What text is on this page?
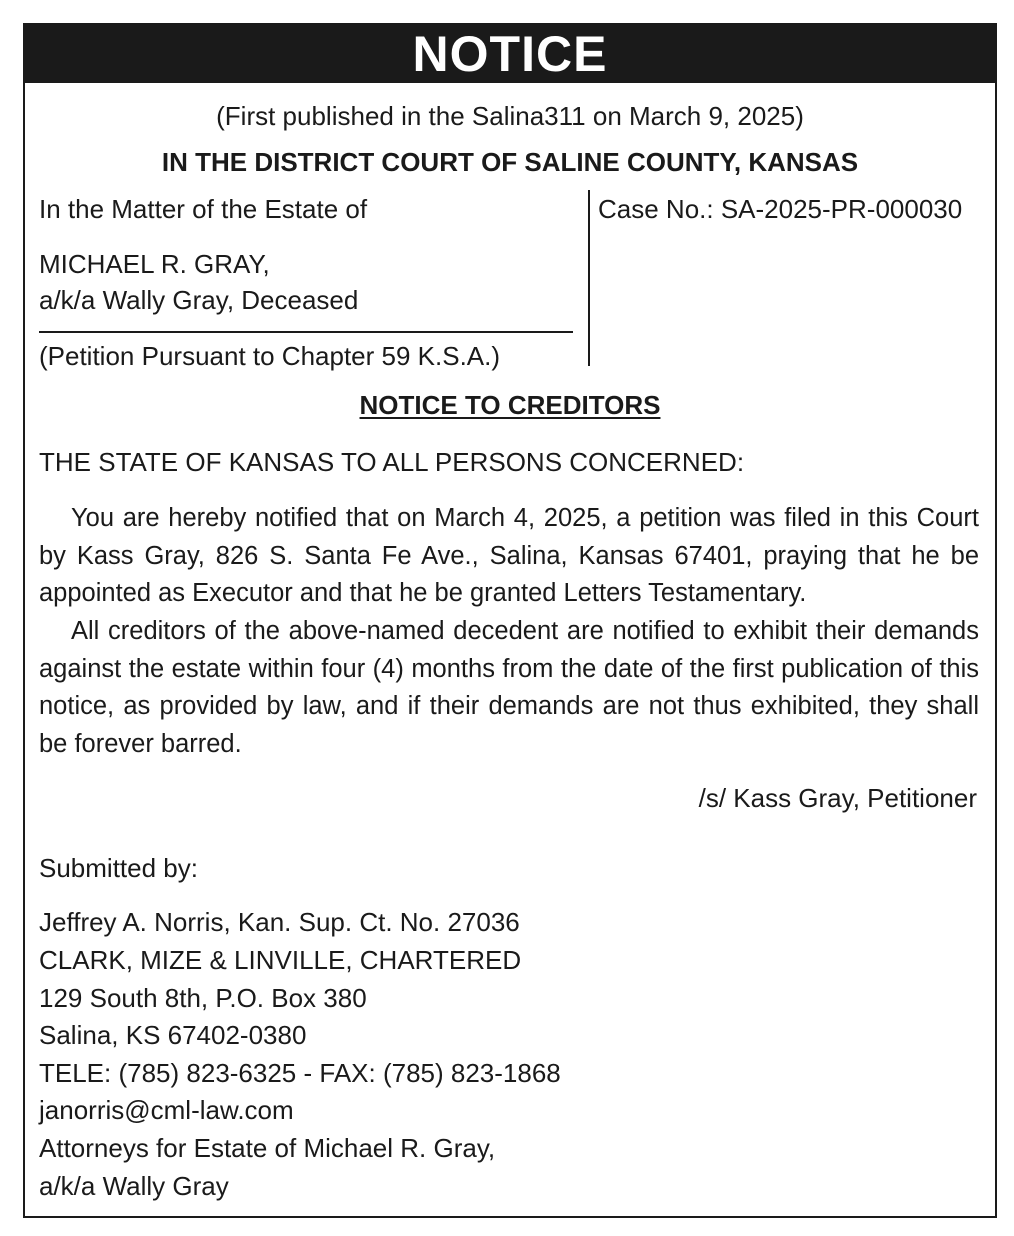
NOTICE
(First published in the Salina311 on March 9, 2025)
IN THE DISTRICT COURT OF SALINE COUNTY, KANSAS
In the Matter of the Estate of
MICHAEL R. GRAY,
a/k/a Wally Gray, Deceased
(Petition Pursuant to Chapter 59 K.S.A.)
Case No.: SA-2025-PR-000030
NOTICE TO CREDITORS
THE STATE OF KANSAS TO ALL PERSONS CONCERNED:
You are hereby notified that on March 4, 2025, a petition was filed in this Court by Kass Gray, 826 S. Santa Fe Ave., Salina, Kansas 67401, praying that he be appointed as Executor and that he be granted Letters Testamentary.
All creditors of the above-named decedent are notified to exhibit their demands against the estate within four (4) months from the date of the first publication of this notice, as provided by law, and if their demands are not thus exhibited, they shall be forever barred.
/s/ Kass Gray, Petitioner
Submitted by:
Jeffrey A. Norris, Kan. Sup. Ct. No. 27036
CLARK, MIZE & LINVILLE, CHARTERED
129 South 8th, P.O. Box 380
Salina, KS 67402-0380
TELE: (785) 823-6325 - FAX: (785) 823-1868
janorris@cml-law.com
Attorneys for Estate of Michael R. Gray,
a/k/a Wally Gray
